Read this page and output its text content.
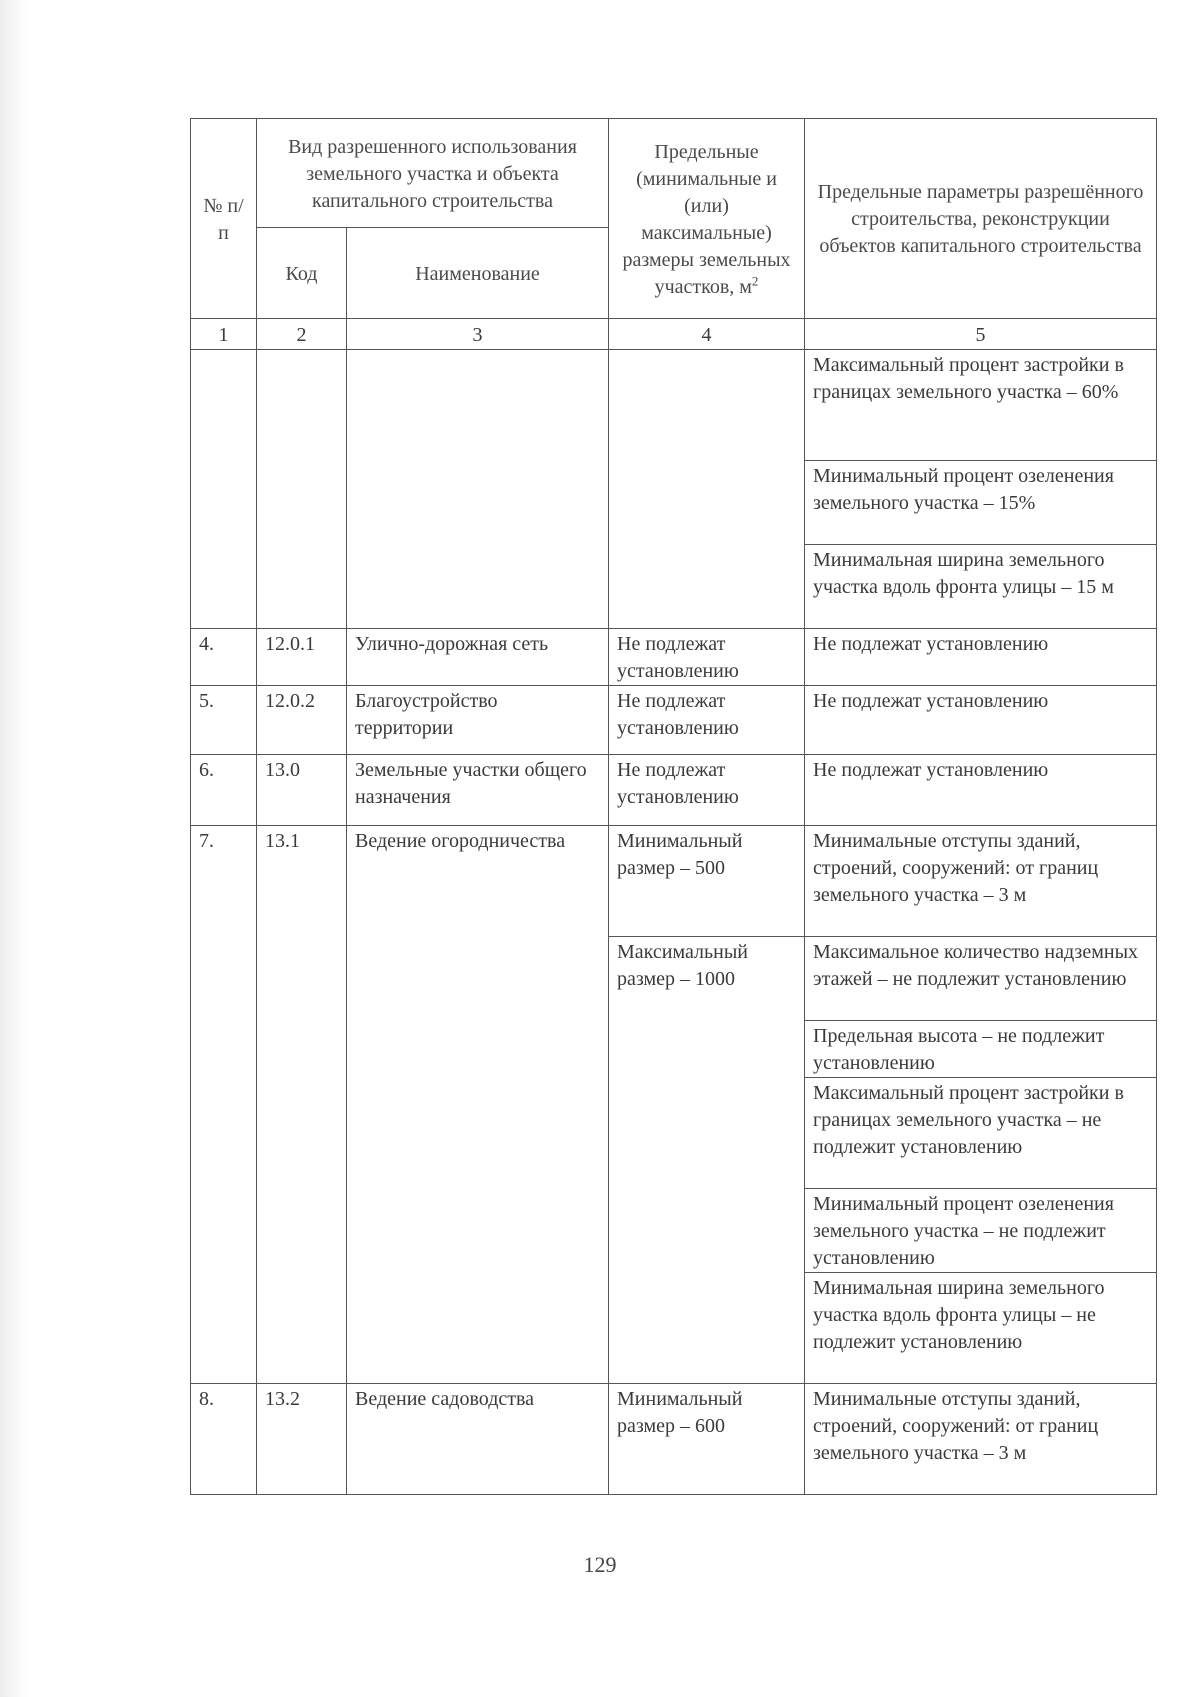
№ п/п	Вид разрешенного использования земельного участка и объекта капитального строительства		Предельные (минимальные и (или) максимальные) размеры земельных участков, $м^2$	Предельные параметры разрешённого строительства, реконструкции объектов капитального строительства
	Код	Наименование		
1	2	3	4	5
				Максимальный процент застройки в границах земельного участка – 60%
				Минимальный процент озеленения земельного участка – 15%
				Минимальная ширина земельного участка вдоль фронта улицы – 15 м
4.	12.0.1	Улично-дорожная сеть	Не подлежат установлению	Не подлежат установлению
5.	12.0.2	Благоустройство территории	Не подлежат установлению	Не подлежат установлению
6.	13.0	Земельные участки общего назначения	Не подлежат установлению	Не подлежат установлению
7.	13.1	Ведение огородничества	Минимальный размер – 500	Минимальные отступы зданий, строений, сооружений: от границ земельного участка – 3 м
			Максимальный размер – 1000	Максимальное количество надземных этажей – не подлежит установлению
				Предельная высота – не подлежит установлению
				Максимальный процент застройки в границах земельного участка – не подлежит установлению
				Минимальный процент озеленения земельного участка – не подлежит установлению
				Минимальная ширина земельного участка вдоль фронта улицы – не подлежит установлению
8.	13.2	Ведение садоводства	Минимальный размер – 600	Минимальные отступы зданий, строений, сооружений: от границ земельного участка – 3 м
129
